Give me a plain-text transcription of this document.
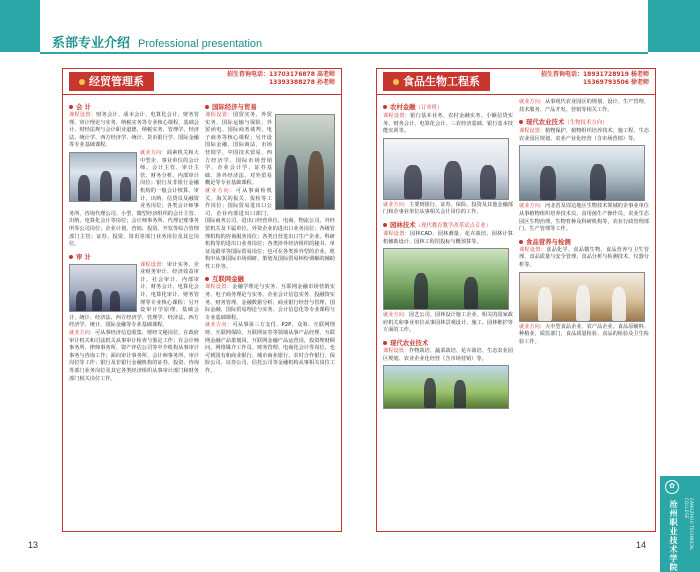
系部专业介绍 Professional presentation
经贸管理系
招生咨询电话：13703176878 高老师
13393388278 孙老师
会 计
课程设置：财务会计、成本会计、电算化会计、财务管理、审计理论与实务、纳税实务等专业核心课程，基础会计、财经法规与会计职业道德、纳税实务、管理学、经济法、统计学、西方经济学、统计、货币银行学、国际金融等专业基础课程。
就业方向：面素机关和大中型企、事业单位的会计师、会计主管、审计主管、财务分析、内部审计岗位；银行及非银行金融机构的一般会计核算、审计、出纳、信贷员及融资业务岗位；各类会计师事务所、咨询代理公司、小型、微型经济组织的会计主管、出纳、电算化会计等岗位；会计师事务所、代理记账事务所等公司岗位；企业计划、营销、投资、开发等综合管理部门主管；证券、投资、资讯等部门业务岗位及其它岗位。
审 计
课程设置：审计实务、企业财务审计、经济效益审计、社会审计、内部审计、财务会计、电算化会计、电算化审计、财务管理等专业核心课程；另开设审计学原理、基础会计、统计、经济法、西方经济学、管理学、经济法、西方经济学、统计、国际金融等专业基础课程。
就业方向：可从事经济信息收集、财经文秘岗位，在政府审计机关和司法机关从事审计检查与鉴定工作；在会计师事务所、律师事务所、资产评估公司等中介机构从事审计事务与咨询工作；面向审计事务所、会计师事务所、审计岗位等工作；银行及非银行金融机构的证券、投资、咨询等部门业务岗位及其它各类经济组织从事审计部门和财务部门相关岗位工作。
国际经济与贸易
课程设置：国贸实务、外贸实务、国际运输与保险、外贸函电、国际商务谈判、电子商务等核心课程；另开设国际金融、国际商法、市场营销学、中国技术贸易、西方经济学、国际市场营销学、企业会计学、证券基础、涉外经济法、对外贸易概论等专业基础课程。
就业方向：可从事商检机关、海关的报关、报检等工作岗位；国际贸易进出口公司、企业内部进出口部门、国际商务公司、进出口经营单位、电商、物流公司、外经贸机关及下属单位、外资企业的进出口业务岗位；各级管理机构的咨询服务岗位；各类自营进出口生产企业、科研机构等的进出口业务岗位；各类涉外经济组织的秘书、单证及跟单等国际贸易岗位；也可在各类涉外型的企业、机构中从事国际市场调研、策划及国际贸易纠纷调解的辅助性工作等。
互联网金融
课程设置：金融学理论与实务、互联网金融市场营销实务、电子商务理论与实务、企业会计信息实务、投融资实务、财务管理、金融数据分析、商业银行经营与管理、国际金融、国际贸易理论与实务、会计信息化等专业课程与专业基础课程。
就业方向：可从事第三方支付、P2P、众筹、互联网理财、互联网保险、互联网证券等领域从事产品经理、互联网金融产品策划岗、互联网金融产品运营岗，投资理财顾问、网络媒介工作员、财务管理、电商化会计等岗位，也可到国有和商业银行、城市商业银行、农村合作银行、保险公司、证券公司、信托公司等金融机构从事相关岗位工作。
食品生物工程系
招生咨询电话：18931728919 杨老师
15369793506 徐老师
农村金融（订单班）
课程设置：银行基本业务、农村金融实务、小额信贷实务、财务会计、电算化会计、三农经济基础、银行基本技能实训等。
就业方向：主要到银行、证券、保险、投资及其他金融部门和企事业单位从事相关会计岗位的工作。
园林技术（现代教育教学改革试点专业）
课程设置：园林CAD、园林测量、花卉栽培、园林计算机辅助设计、园林工程招投标与概预算等。
就业方向：园艺公司、园林设计施工企业、相关的国家政府机关和事业单位从事园林景观设计、施工、园林维护等方面的工作。
现代农业技术
课程设置：作物栽培、蔬菜栽培、花卉栽培、生态农业园区规划、农业企业化经营（含市场营销）等。
就业方向：从事现代农业园区的规划、设计、生产管理、技术服务、产品开发、营销等相关工作。
现代农业技术（生物技术方向）
课程设置：植物保护、植物组织培养技术、施工程、生态农业园区规划、农业产业化经营（含市场营销）等。
就业方向：河北省及周边地区生物技术领域的企事业单位从事植物组织培养技术员、食用菌生产操作员、农业生态园区生物治理、生物育种及科研机构等，农业行政管理部门、生产管理等工作。
食品营养与检测
课程设置：食品化学、食品微生物、食品营养与卫生管理、食品质量与安全管理、食品分析与检测技术、仪器分析等。
就业方向：大中型食品企业、农产品企业、食品原辅料、种植业、质监部门，食品质量检验、食品的检验及卫生检验工作。
13
✿
沧州职业技术学院	CANGZHOU TECHNICAL COLLEGE
14
